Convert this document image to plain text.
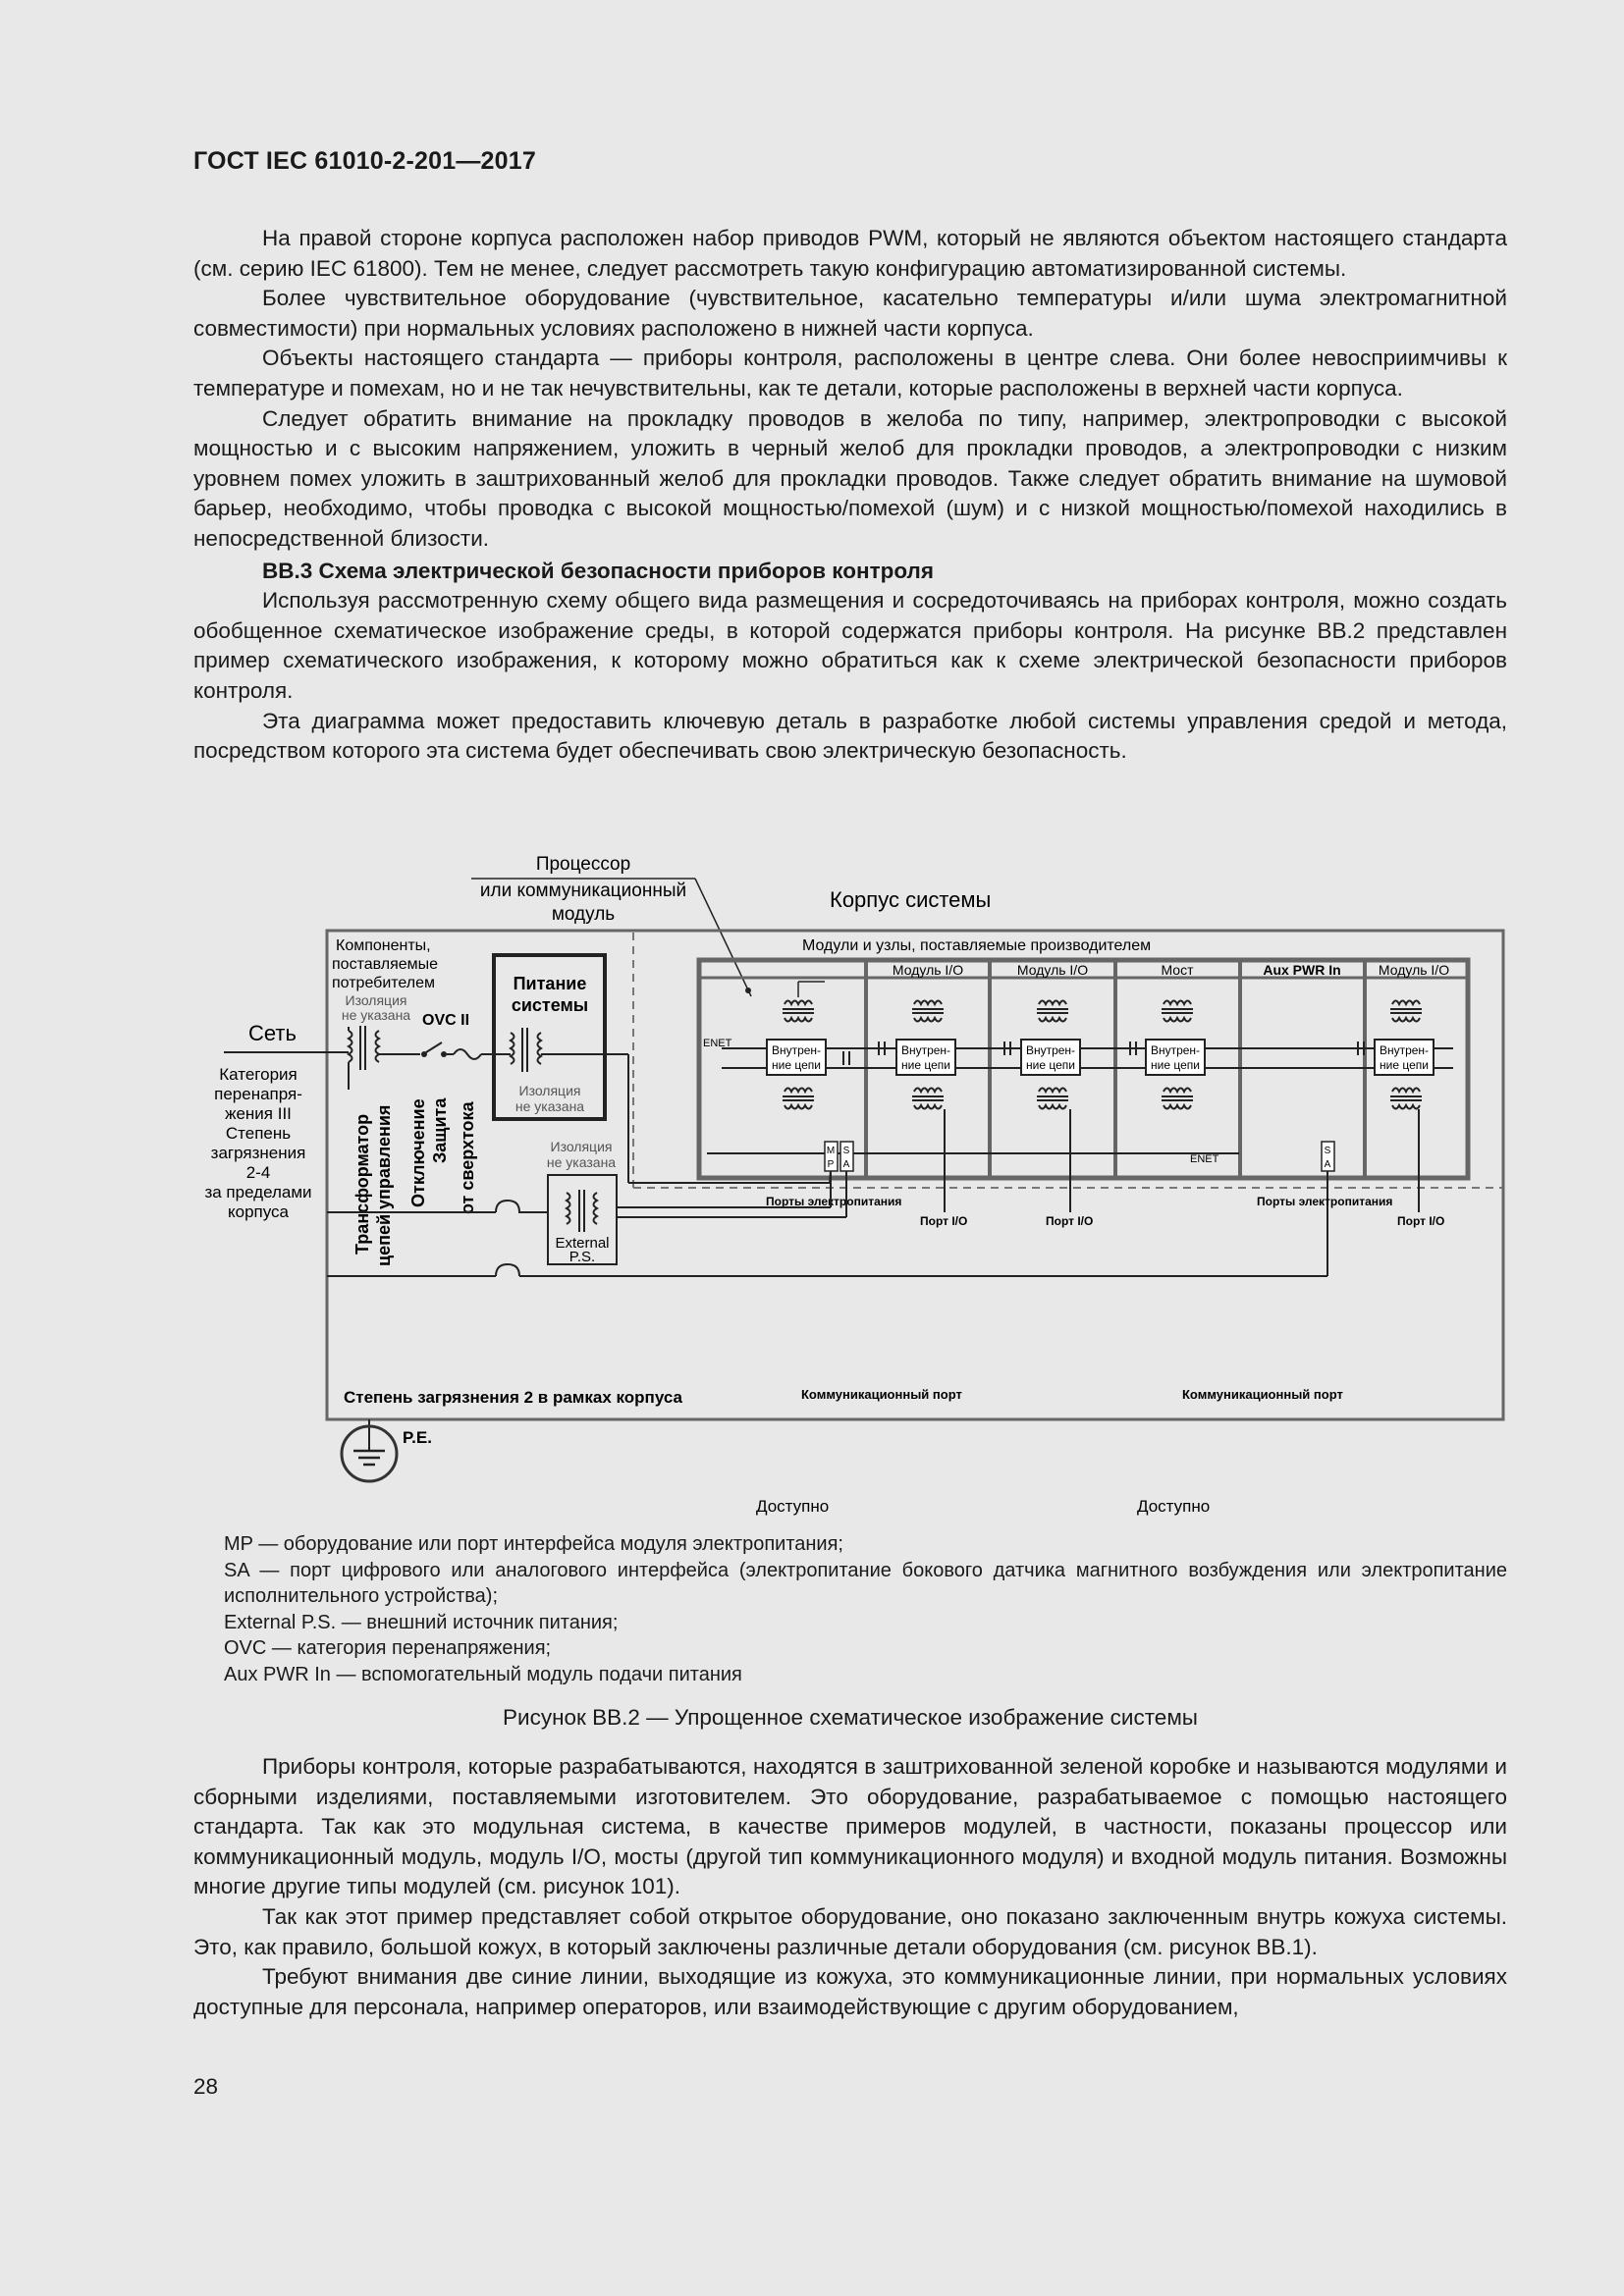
ГОСТ IEC 61010-2-201—2017

На правой стороне корпуса расположен набор приводов PWM, который не являются объектом настоящего стандарта (см. серию IEC 61800). Тем не менее, следует рассмотреть такую конфигурацию автоматизированной системы.

Более чувствительное оборудование (чувствительное, касательно температуры и/или шума электромагнитной совместимости) при нормальных условиях расположено в нижней части корпуса.

Объекты настоящего стандарта — приборы контроля, расположены в центре слева. Они более невосприимчивы к температуре и помехам, но и не так нечувствительны, как те детали, которые расположены в верхней части корпуса.

Следует обратить внимание на прокладку проводов в желоба по типу, например, электропроводки с высокой мощностью и с высоким напряжением, уложить в черный желоб для прокладки проводов, а электропроводки с низким уровнем помех уложить в заштрихованный желоб для прокладки проводов. Также следует обратить внимание на шумовой барьер, необходимо, чтобы проводка с высокой мощностью/помехой (шум) и с низкой мощностью/помехой находились в непосредственной близости.

BB.3 Схема электрической безопасности приборов контроля

Используя рассмотренную схему общего вида размещения и сосредоточиваясь на приборах контроля, можно создать обобщенное схематическое изображение среды, в которой содержатся приборы контроля. На рисунке BB.2 представлен пример схематического изображения, к которому можно обратиться как к схеме электрической безопасности приборов контроля.

Эта диаграмма может предоставить ключевую деталь в разработке любой системы управления средой и метода, посредством которого эта система будет обеспечивать свою электрическую безопасность.

Процессор
или коммуникационный
модуль
Корпус системы
Модули и узлы, поставляемые производителем
Модуль I/O	Модуль I/O	Мост	Aux PWR In	Модуль I/O
ENET
ENET
Внутрен-
ние цепи
Внутрен-
ние цепи
Внутрен-
ние цепи
Внутрен-
ние цепи
Внутрен-
ние цепи
M
P
S
A
S
A
Порты электропитания	Порты электропитания
Порт I/O	Порт I/O	Порт I/O
Компоненты,
поставляемые
потребителем
Изоляция
не указана OVC II
Питание
системы
Изоляция
не указана
Сеть
Категория
перенапря-
жения III
Степень
загрязнения
2-4
за пределами
корпуса	Трансформатор цепей управления Отключение Защита от сверхтока	Изоляция
не указана
External
P.S.
Степень загрязнения 2 в рамках корпуса	Коммуникационный порт	Коммуникационный порт
P.E.
Доступно	Доступно
MP — оборудование или порт интерфейса модуля электропитания;
SA — порт цифрового или аналогового интерфейса (электропитание бокового датчика магнитного возбуждения или электропитание исполнительного устройства);
External P.S. — внешний источник питания;
OVC — категория перенапряжения;
Aux PWR In — вспомогательный модуль подачи питания
Рисунок BB.2 — Упрощенное схематическое изображение системы

Приборы контроля, которые разрабатываются, находятся в заштрихованной зеленой коробке и называются модулями и сборными изделиями, поставляемыми изготовителем. Это оборудование, разрабатываемое с помощью настоящего стандарта. Так как это модульная система, в качестве примеров модулей, в частности, показаны процессор или коммуникационный модуль, модуль I/O, мосты (другой тип коммуникационного модуля) и входной модуль питания. Возможны многие другие типы модулей (см. рисунок 101).

Так как этот пример представляет собой открытое оборудование, оно показано заключенным внутрь кожуха системы. Это, как правило, большой кожух, в который заключены различные детали оборудования (см. рисунок BB.1).

Требуют внимания две синие линии, выходящие из кожуха, это коммуникационные линии, при нормальных условиях доступные для персонала, например операторов, или взаимодействующие с другим оборудованием,

28
